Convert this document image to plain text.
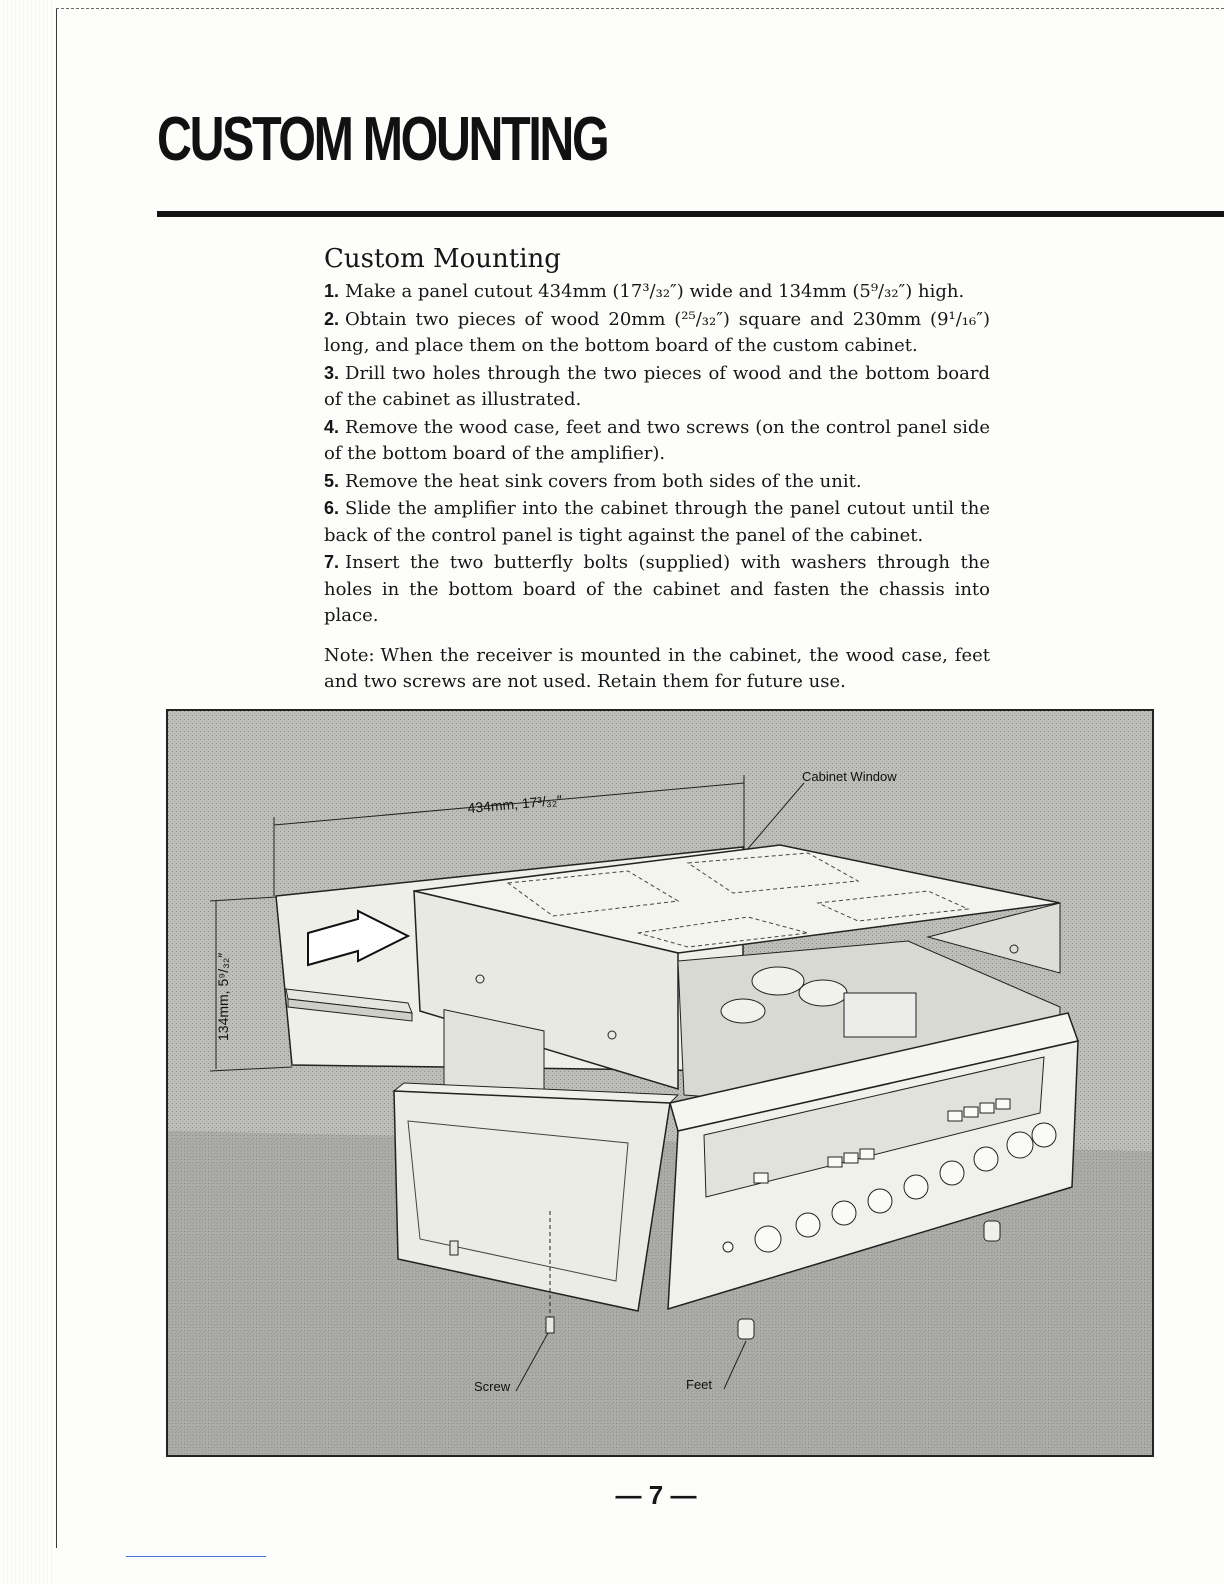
CUSTOM MOUNTING
Custom Mounting

1. Make a panel cutout 434mm (17³/₃₂″) wide and 134mm (5⁹/₃₂″) high.

2. Obtain two pieces of wood 20mm (²⁵/₃₂″) square and 230mm (9¹/₁₆″) long, and place them on the bottom board of the custom cabinet.

3. Drill two holes through the two pieces of wood and the bottom board of the cabinet as illustrated.

4. Remove the wood case, feet and two screws (on the control panel side of the bottom board of the amplifier).

5. Remove the heat sink covers from both sides of the unit.

6. Slide the amplifier into the cabinet through the panel cutout until the back of the control panel is tight against the panel of the cabinet.

7. Insert the two butterfly bolts (supplied) with washers through the holes in the bottom board of the cabinet and fasten the chassis into place.

Note: When the receiver is mounted in the cabinet, the wood case, feet and two screws are not used. Retain them for future use.

434mm, 17³/₃₂″
134mm, 5⁹/₃₂″
Cabinet Window
Screw	Feet
— 7 —
